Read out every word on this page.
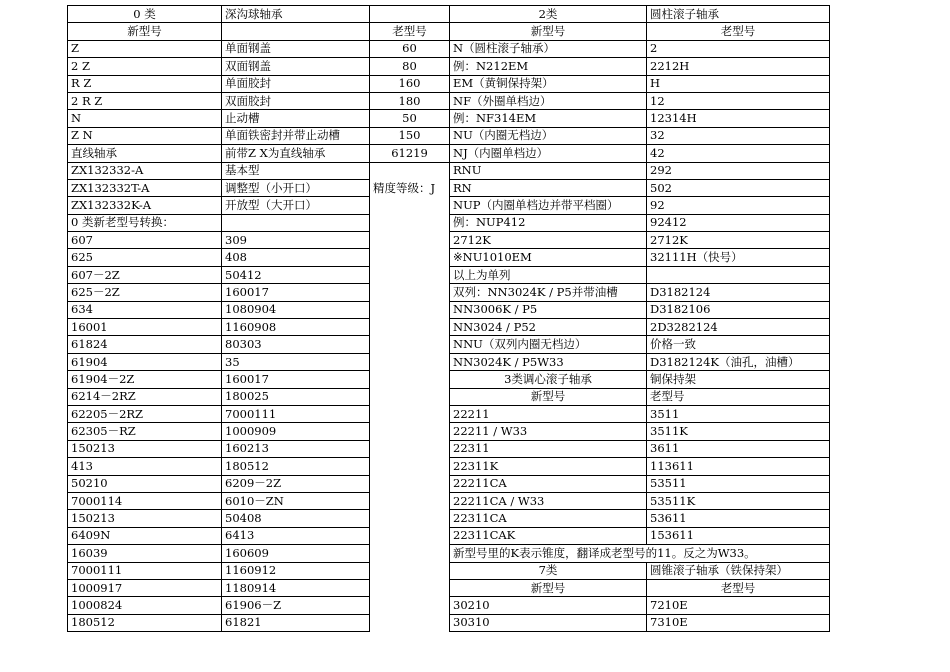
0 类	深沟球轴承		2类	圆柱滚子轴承
新型号		老型号	新型号	老型号
Z	单面钢盖	60	N（圆柱滚子轴承）	2
2 Z	双面钢盖	80	例：N212EM	2212H
R Z	单面胶封	160	EM（黄铜保持架）	H
2 R Z	双面胶封	180	NF（外圈单档边）	12
N	止动槽	50	例：NF314EM	12314H
Z N	单面铁密封并带止动槽	150	NU（内圈无档边）	32
直线轴承	前带Z X为直线轴承	61219	NJ（内圈单档边）	42
ZX132332-A	基本型		RNU	292
ZX132332T-A	调整型（小开口）	精度等级：J	RN	502
ZX132332K-A	开放型（大开口）		NUP（内圈单档边并带平档圈）	92
0 类新老型号转换：			例：NUP412	92412
607	309		2712K	2712K
625	408		※NU1010EM	32111H（快号）
607－2Z	50412		以上为单列	
625－2Z	160017		双列：NN3024K / P5并带油槽	D3182124
634	1080904		NN3006K / P5	D3182106
16001	1160908		NN3024 / P52	2D3282124
61824	80303		NNU（双列内圈无档边）	价格一致
61904	35		NN3024K / P5W33	D3182124K（油孔，油槽）
61904－2Z	160017		3类调心滚子轴承	铜保持架
6214－2RZ	180025		新型号	老型号
62205－2RZ	7000111		22211	3511
62305－RZ	1000909		22211 / W33	3511K
150213	160213		22311	3611
413	180512		22311K	113611
50210	6209－2Z		22211CA	53511
7000114	6010－ZN		22211CA / W33	53511K
150213	50408		22311CA	53611
6409N	6413		22311CAK	153611
16039	160609		新型号里的K表示锥度，翻译成老型号的11。反之为W33。	
7000111	1160912		7类	圆锥滚子轴承（铁保持架）
1000917	1180914		新型号	老型号
1000824	61906－Z		30210	7210E
180512	61821		30310	7310E
